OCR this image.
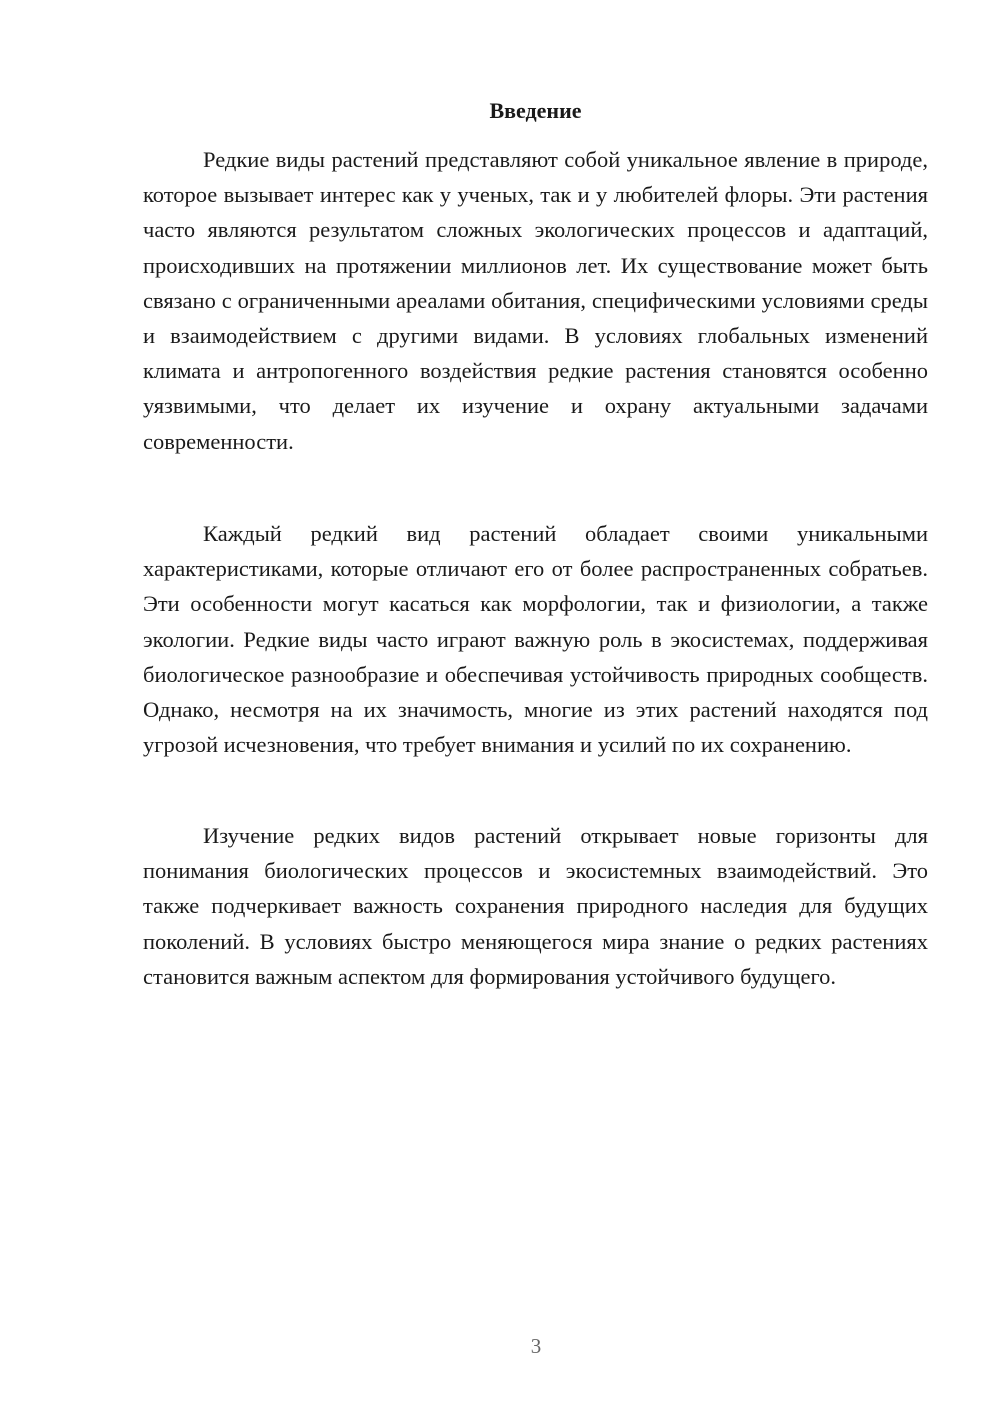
Введение

Редкие виды растений представляют собой уникальное явление в природе, которое вызывает интерес как у ученых, так и у любителей флоры. Эти растения часто являются результатом сложных экологических процессов и адаптаций, происходивших на протяжении миллионов лет. Их существование может быть связано с ограниченными ареалами обитания, специфическими условиями среды и взаимодействием с другими видами. В условиях глобальных изменений климата и антропогенного воздействия редкие растения становятся особенно уязвимыми, что делает их изучение и охрану актуальными задачами современности.

Каждый редкий вид растений обладает своими уникальными характеристиками, которые отличают его от более распространенных собратьев. Эти особенности могут касаться как морфологии, так и физиологии, а также экологии. Редкие виды часто играют важную роль в экосистемах, поддерживая биологическое разнообразие и обеспечивая устойчивость природных сообществ. Однако, несмотря на их значимость, многие из этих растений находятся под угрозой исчезновения, что требует внимания и усилий по их сохранению.

Изучение редких видов растений открывает новые горизонты для понимания биологических процессов и экосистемных взаимодействий. Это также подчеркивает важность сохранения природного наследия для будущих поколений. В условиях быстро меняющегося мира знание о редких растениях становится важным аспектом для формирования устойчивого будущего.

3
